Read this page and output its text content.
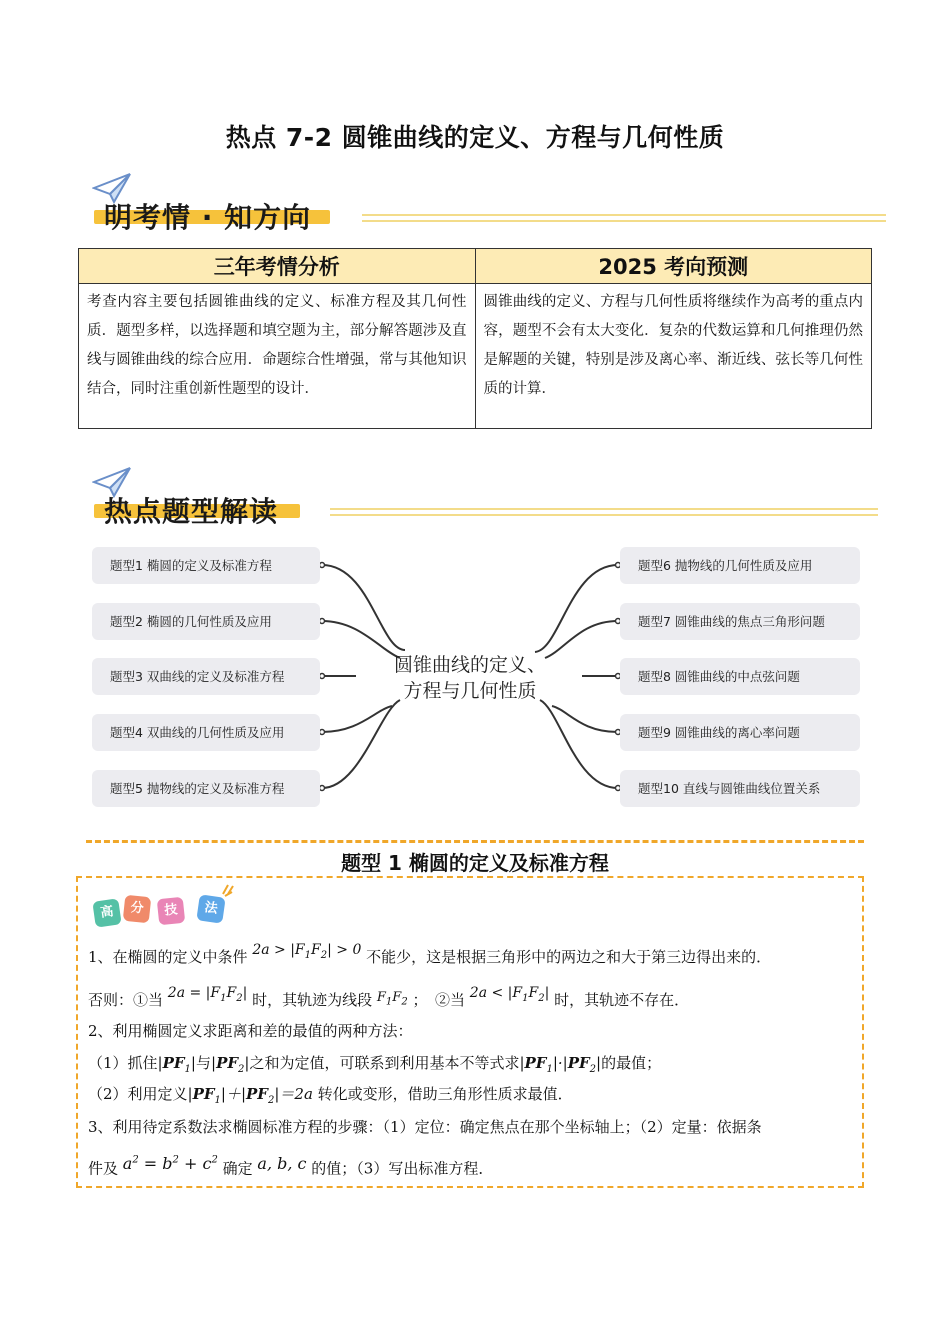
热点 7-2 圆锥曲线的定义、方程与几何性质
明考情 · 知方向
三年考情分析	2025 考向预测
考查内容主要包括圆锥曲线的定义、标准方程及其几何性质．题型多样，以选择题和填空题为主，部分解答题涉及直线与圆锥曲线的综合应用．命题综合性增强，常与其他知识结合，同时注重创新性题型的设计．	圆锥曲线的定义、方程与几何性质将继续作为高考的重点内容，题型不会有太大变化．复杂的代数运算和几何推理仍然是解题的关键，特别是涉及离心率、渐近线、弦长等几何性质的计算．
热点题型解读
圆锥曲线的定义、
方程与几何性质
题型1 椭圆的定义及标准方程
题型2 椭圆的几何性质及应用
题型3 双曲线的定义及标准方程
题型4 双曲线的几何性质及应用
题型5 抛物线的定义及标准方程
题型6 抛物线的几何性质及应用
题型7 圆锥曲线的焦点三角形问题
题型8 圆锥曲线的中点弦问题
题型9 圆锥曲线的离心率问题
题型10 直线与圆锥曲线位置关系
题型 1 椭圆的定义及标准方程
高	分	技	法
1、在椭圆的定义中条件 $2a > |F_1F_2| > 0$ 不能少，这是根据三角形中的两边之和大于第三边得出来的．
否则：①当 $2a = |F_1F_2|$ 时，其轨迹为线段 $F_1F_2$ ；　②当 $2a < |F_1F_2|$ 时，其轨迹不存在．
2、利用椭圆定义求距离和差的最值的两种方法：
（1）抓住$|PF_1|$与$|PF_2|$之和为定值，可联系到利用基本不等式求$|PF_1|\cdot|PF_2|$的最值；
（2）利用定义$|PF_1|+|PF_2|=2a$ 转化或变形，借助三角形性质求最值．
3、利用待定系数法求椭圆标准方程的步骤：（1）定位：确定焦点在那个坐标轴上；（2）定量：依据条
件及 $a^2 = b^2 + c^2$ 确定 a, b, c 的值；（3）写出标准方程．
